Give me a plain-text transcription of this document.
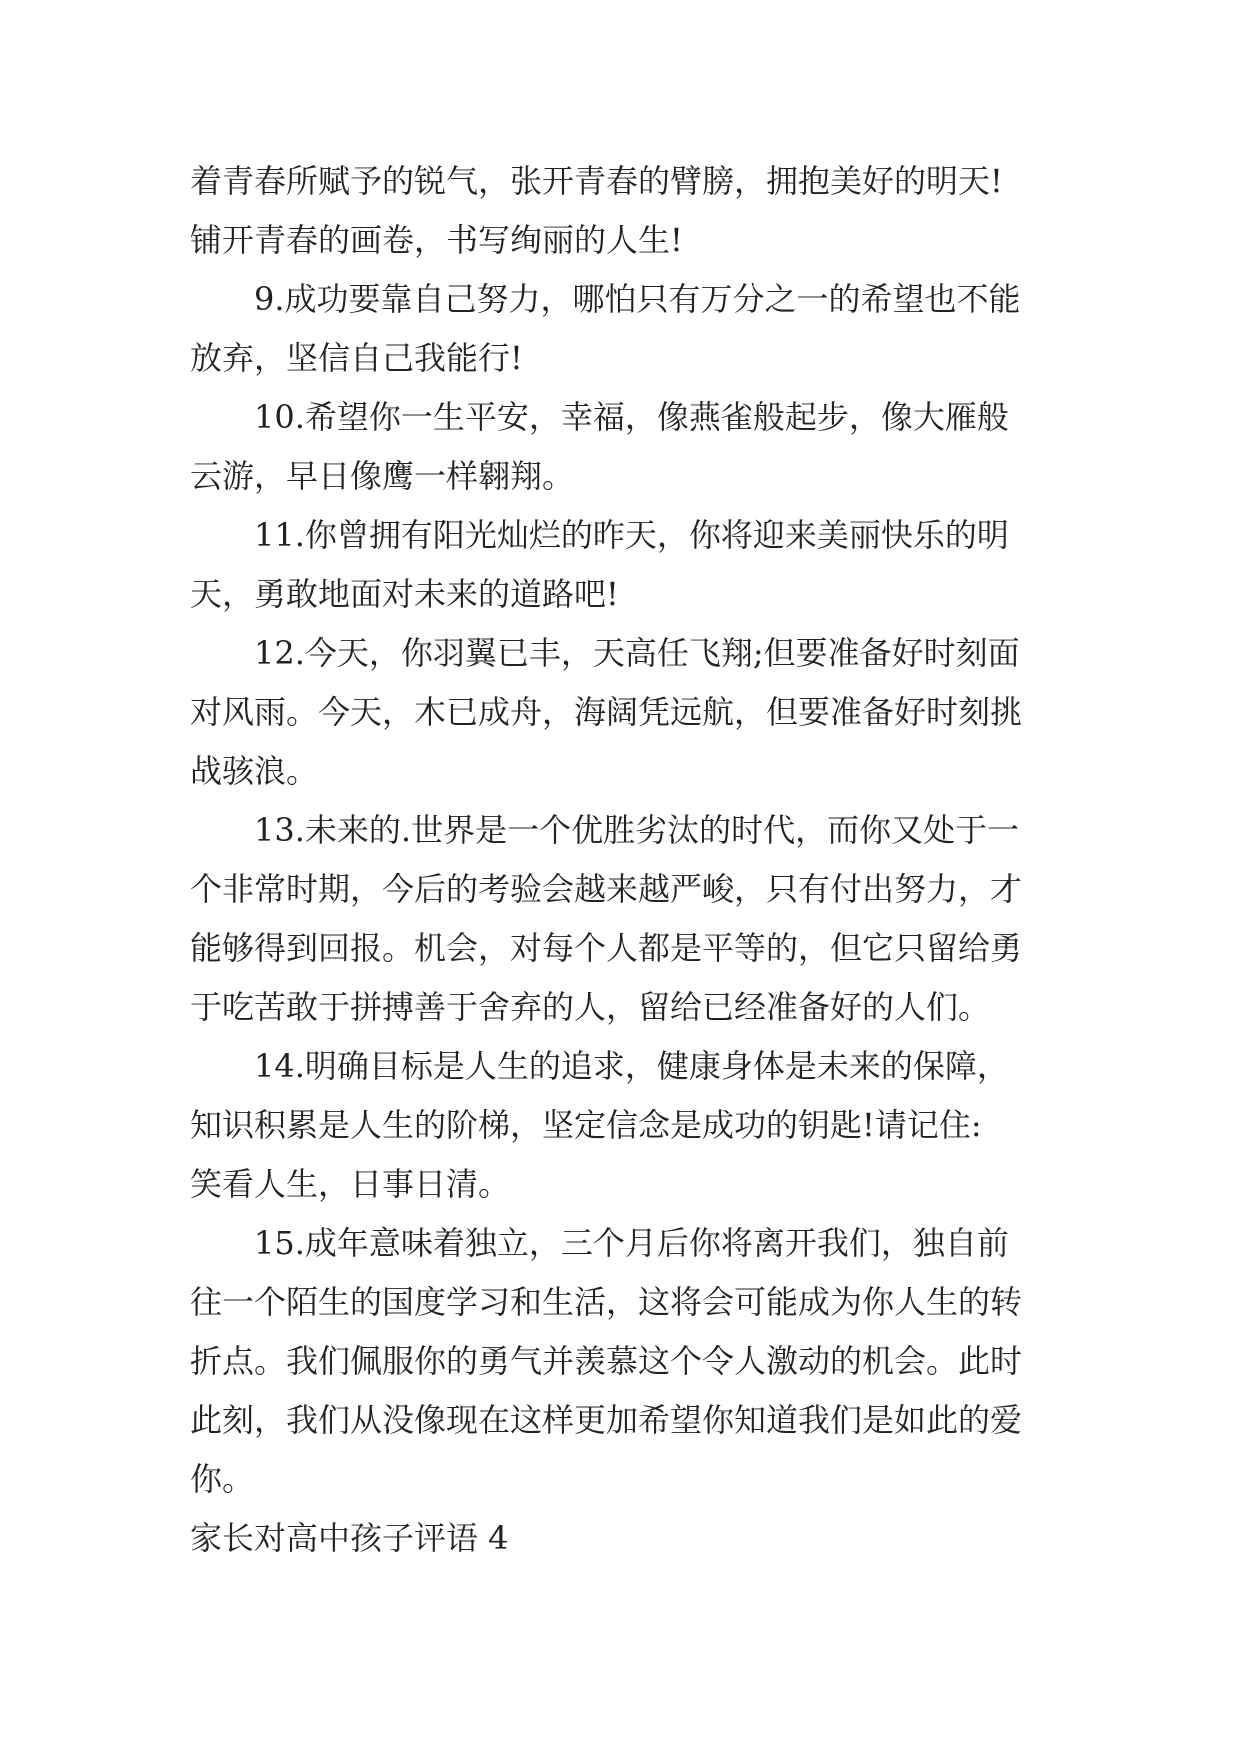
着青春所赋予的锐气，张开青春的臂膀，拥抱美好的明天!
铺开青春的画卷，书写绚丽的人生!

9.成功要靠自己努力，哪怕只有万分之一的希望也不能
放弃，坚信自己我能行!

10.希望你一生平安，幸福，像燕雀般起步，像大雁般
云游，早日像鹰一样翱翔。

11.你曾拥有阳光灿烂的昨天，你将迎来美丽快乐的明
天，勇敢地面对未来的道路吧!

12.今天，你羽翼已丰，天高任飞翔;但要准备好时刻面
对风雨。今天，木已成舟，海阔凭远航，但要准备好时刻挑
战骇浪。

13.未来的.世界是一个优胜劣汰的时代，而你又处于一
个非常时期，今后的考验会越来越严峻，只有付出努力，才
能够得到回报。机会，对每个人都是平等的，但它只留给勇
于吃苦敢于拼搏善于舍弃的人，留给已经准备好的人们。

14.明确目标是人生的追求，健康身体是未来的保障，
知识积累是人生的阶梯，坚定信念是成功的钥匙!请记住:
笑看人生，日事日清。

15.成年意味着独立，三个月后你将离开我们，独自前
往一个陌生的国度学习和生活，这将会可能成为你人生的转
折点。我们佩服你的勇气并羡慕这个令人激动的机会。此时
此刻，我们从没像现在这样更加希望你知道我们是如此的爱
你。

家长对高中孩子评语 4
